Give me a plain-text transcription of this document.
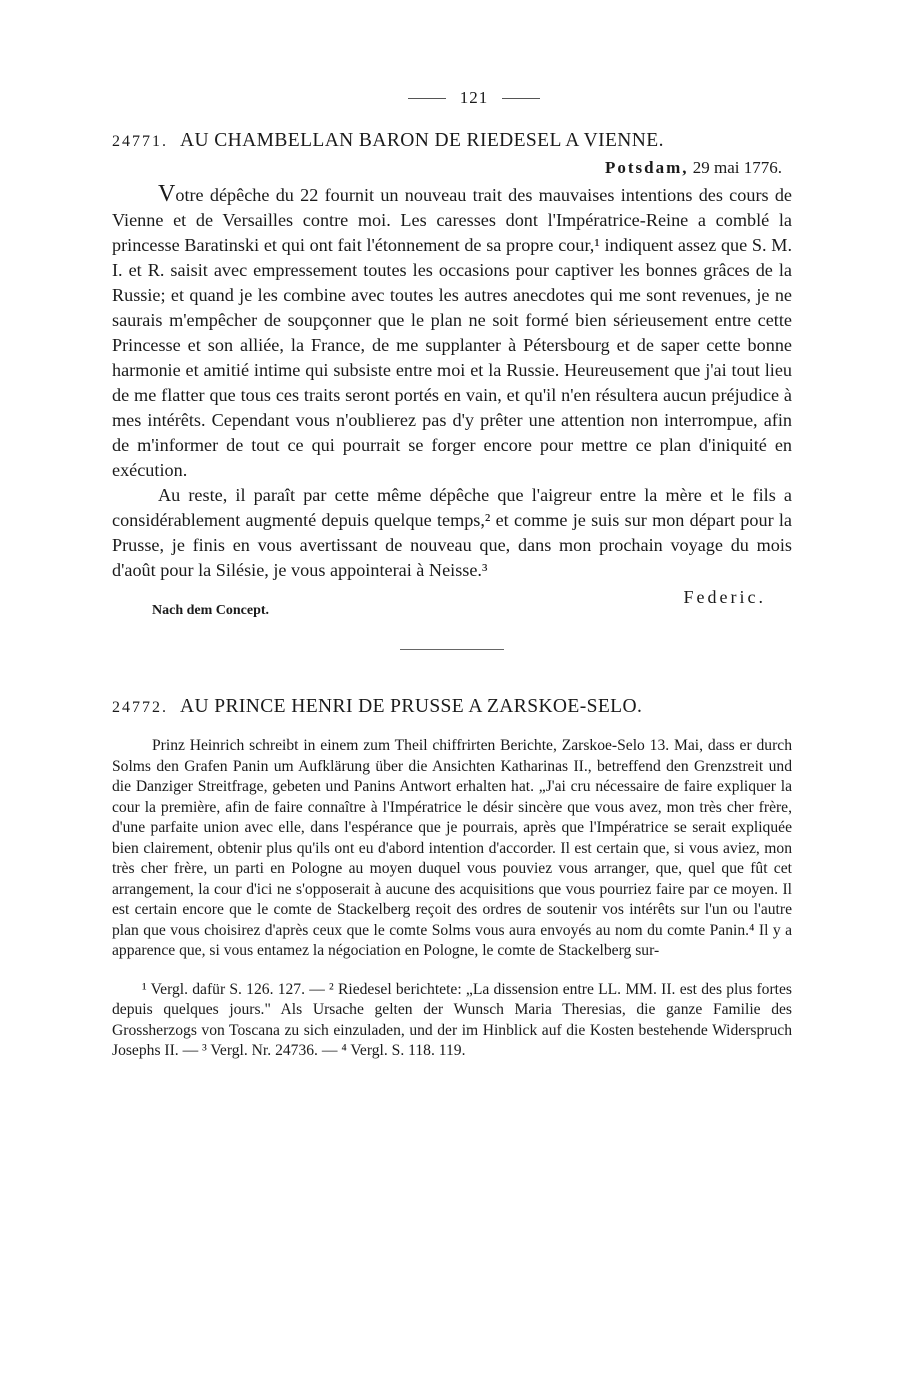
121
24771. AU CHAMBELLAN BARON DE RIEDESEL A VIENNE.
Potsdam, 29 mai 1776.

Votre dépêche du 22 fournit un nouveau trait des mauvaises intentions des cours de Vienne et de Versailles contre moi. Les caresses dont l'Impératrice-Reine a comblé la princesse Baratinski et qui ont fait l'étonnement de sa propre cour,¹ indiquent assez que S. M. I. et R. saisit avec empressement toutes les occasions pour captiver les bonnes grâces de la Russie; et quand je les combine avec toutes les autres anecdotes qui me sont revenues, je ne saurais m'empêcher de soupçonner que le plan ne soit formé bien sérieusement entre cette Princesse et son alliée, la France, de me supplanter à Pétersbourg et de saper cette bonne harmonie et amitié intime qui subsiste entre moi et la Russie. Heureusement que j'ai tout lieu de me flatter que tous ces traits seront portés en vain, et qu'il n'en résultera aucun préjudice à mes intérêts. Cependant vous n'oublierez pas d'y prêter une attention non interrompue, afin de m'informer de tout ce qui pourrait se forger encore pour mettre ce plan d'iniquité en exécution.

Au reste, il paraît par cette même dépêche que l'aigreur entre la mère et le fils a considérablement augmenté depuis quelque temps,² et comme je suis sur mon départ pour la Prusse, je finis en vous avertissant de nouveau que, dans mon prochain voyage du mois d'août pour la Silésie, je vous appointerai à Neisse.³

Nach dem Concept.
Federic.
24772. AU PRINCE HENRI DE PRUSSE A ZARSKOE-SELO.

Prinz Heinrich schreibt in einem zum Theil chiffrirten Berichte, Zarskoe-Selo 13. Mai, dass er durch Solms den Grafen Panin um Aufklärung über die Ansichten Katharinas II., betreffend den Grenzstreit und die Danziger Streitfrage, gebeten und Panins Antwort erhalten hat. „J'ai cru nécessaire de faire expliquer la cour la première, afin de faire connaître à l'Impératrice le désir sincère que vous avez, mon très cher frère, d'une parfaite union avec elle, dans l'espérance que je pourrais, après que l'Impératrice se serait expliquée bien clairement, obtenir plus qu'ils ont eu d'abord intention d'accorder. Il est certain que, si vous aviez, mon très cher frère, un parti en Pologne au moyen duquel vous pouviez vous arranger, que, quel que fût cet arrangement, la cour d'ici ne s'opposerait à aucune des acquisitions que vous pourriez faire par ce moyen. Il est certain encore que le comte de Stackelberg reçoit des ordres de soutenir vos intérêts sur l'un ou l'autre plan que vous choisirez d'après ceux que le comte Solms vous aura envoyés au nom du comte Panin.⁴ Il y a apparence que, si vous entamez la négociation en Pologne, le comte de Stackelberg sur-

¹ Vergl. dafür S. 126. 127. — ² Riedesel berichtete: „La dissension entre LL. MM. II. est des plus fortes depuis quelques jours." Als Ursache gelten der Wunsch Maria Theresias, die ganze Familie des Grossherzogs von Toscana zu sich einzuladen, und der im Hinblick auf die Kosten bestehende Widerspruch Josephs II. — ³ Vergl. Nr. 24736. — ⁴ Vergl. S. 118. 119.
